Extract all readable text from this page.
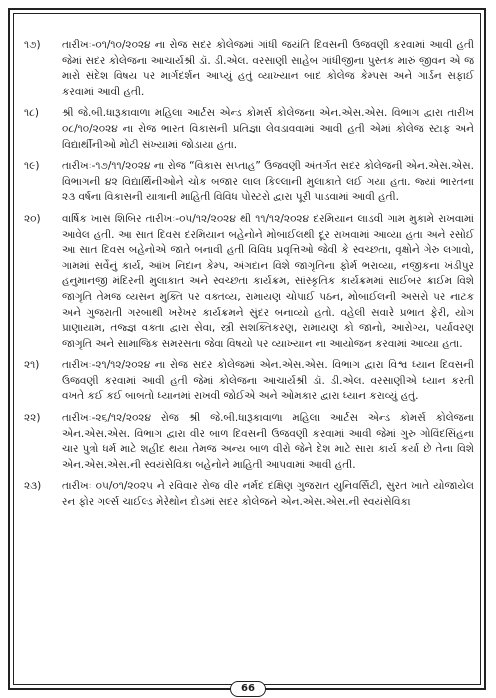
૧૭)	તારીખઃ-૦૧/૧૦/૨૦૨૪ ના રોજ સદર કોલેજમાં ગાંધી જયંતિ દિવસની ઉજવણી કરવામાં આવી હતી જેમાં સદર કોલેજના આચાર્યશ્રી ડૉ. ડી.એલ. વરસાણી સાહેબ ગાંધીજીના પુસ્તક મારું જીવન એ જ મારો સંદેશ વિષય પર માર્ગદર્શન આપ્યું હતું વ્યાખ્યાન બાદ કોલેજ કેમ્પસ અને ગાર્ડન સફાઈ કરવામાં આવી હતી.
૧૮)	શ્રી જે.બી.ધારૂકાવાળા મહિલા આર્ટસ એન્ડ કોમર્સ કોલેજના એન.એસ.એસ. વિભાગ દ્વારા તારીખ ૦૮/૧૦/૨૦૨૪ ના રોજ ભારત વિકાસની પ્રતિજ્ઞા લેવડાવવામાં આવી હતી એમાં કોલેજ સ્ટાફ અને વિદ્યાર્થીનીઓ મોટી સંખ્યામાં જોડાયા હતા.
૧૯)	તારીખઃ-૧૭/૧૧/૨૦૨૪ ના રોજ “વિકાસ સપ્તાહ” ઉજવણી અંતર્ગત સદર કોલેજની એન.એસ.એસ. વિભાગની ૪૨ વિદ્યાર્થિનીઓને ચોક બજાર લાલ કિલ્લાની મુલાકાતે લઈ ગયા હતા. જ્યાં ભારતના ૨૩ વર્ષના વિકાસની યાત્રાની માહિતી વિવિધ પોસ્ટરો દ્વારા પૂરી પાડવામાં આવી હતી.
૨૦)	વાર્ષિક ખાસ શિબિર તારીખઃ-૦૫/૧૨/૨૦૨૪ થી ૧૧/૧૨/૨૦૨૪ દરમિયાન લાડવી ગામ મુકામે રાખવામાં આવેલ હતી. આ સાત દિવસ દરમિયાન બહેનોને મોબાઈલથી દૂર રાખવામાં આવ્યા હતા અને રસોઈ આ સાત દિવસ બહેનોએ જાતે બનાવી હતી વિવિધ પ્રવૃત્તિઓ જેવી કે સ્વચ્છતા, વૃક્ષોને ગેરુ લગાવો, ગામમાં સર્વેનું કાર્ય, આંખ નિદાન કેમ્પ, અંગદાન વિશે જાગૃતિના ફોર્મ ભરાવ્યા, નજીકના ખંડીપુર હનુમાનજી મંદિરની મુલાકાત અને સ્વચ્છતા કાર્યક્રમ, સાંસ્કૃતિક કાર્યક્રમમાં સાઈબર ક્રાઈમ વિશે જાગૃતિ તેમજ વ્યસન મુક્તિ પર વક્તવ્ય, રામાયણ ચોપાઈ પઠન, મોબાઈલની અસરો પર નાટક અને ગુજરાતી ગરબાથી ખરેખર કાર્યક્રમને સુંદર બનાવ્યો હતો. વહેલી સવારે પ્રભાત ફેરી, યોગ પ્રાણાયામ, તજ્જ્ઞ વક્તા દ્વારા સેવા, સ્ત્રી સશક્તિકરણ, રામાયણ કો જાનો, આરોગ્ય, પર્યાવરણ જાગૃતિ અને સામાજિક સમરસતા જેવા વિષયો પર વ્યાખ્યાન ના આયોજન કરવામાં આવ્યા હતા.
૨૧)	તારીખઃ-૨૧/૧૨/૨૦૨૪ ના રોજ સદર કોલેજમાં એન.એસ.એસ. વિભાગ દ્વારા વિશ્વ ધ્યાન દિવસની ઉજવણી કરવામાં આવી હતી જેમાં કોલેજના આચાર્યશ્રી ડૉ. ડી.એલ. વરસાણીએ ધ્યાન કરતી વખતે કઈ કઈ બાબતો ધ્યાનમાં રાખવી જોઈએ અને ઓમકાર દ્વારા ધ્યાન કરાવ્યું હતું.
૨૨)	તારીખઃ-૨૬/૧૨/૨૦૨૪ રોજ શ્રી જે.બી.ધારૂકાવાળા મહિલા આર્ટસ એન્ડ કોમર્સ કોલેજના એન.એસ.એસ. વિભાગ દ્વારા વીર બાળ દિવસની ઉજવણી કરવામાં આવી જેમાં ગુરુ ગોવિંદસિંહના ચાર પુત્રો ધર્મ માટે શહીદ થયા તેમજ અન્ય બાળ વીરો જેને દેશ માટે સારા કાર્ય કર્યા છે તેના વિશે એન.એસ.એસ.ની સ્વયંસેવિકા બહેનોને માહિતી આપવામાં આવી હતી.
૨૩)	તારીખઃ ૦૫/૦૧/૨૦૨૫ ને રવિવાર રોજ વીર નર્મદ દક્ષિણ ગુજરાત યુનિવર્સિટી, સુરત ખાતે યોજાયેલ રન ફોર ગર્લ્સ ચાઈલ્ડ મેરેથોન દોડમાં સદર કોલેજને એન.એસ.એસ.ની સ્વયંસેવિકા
66
